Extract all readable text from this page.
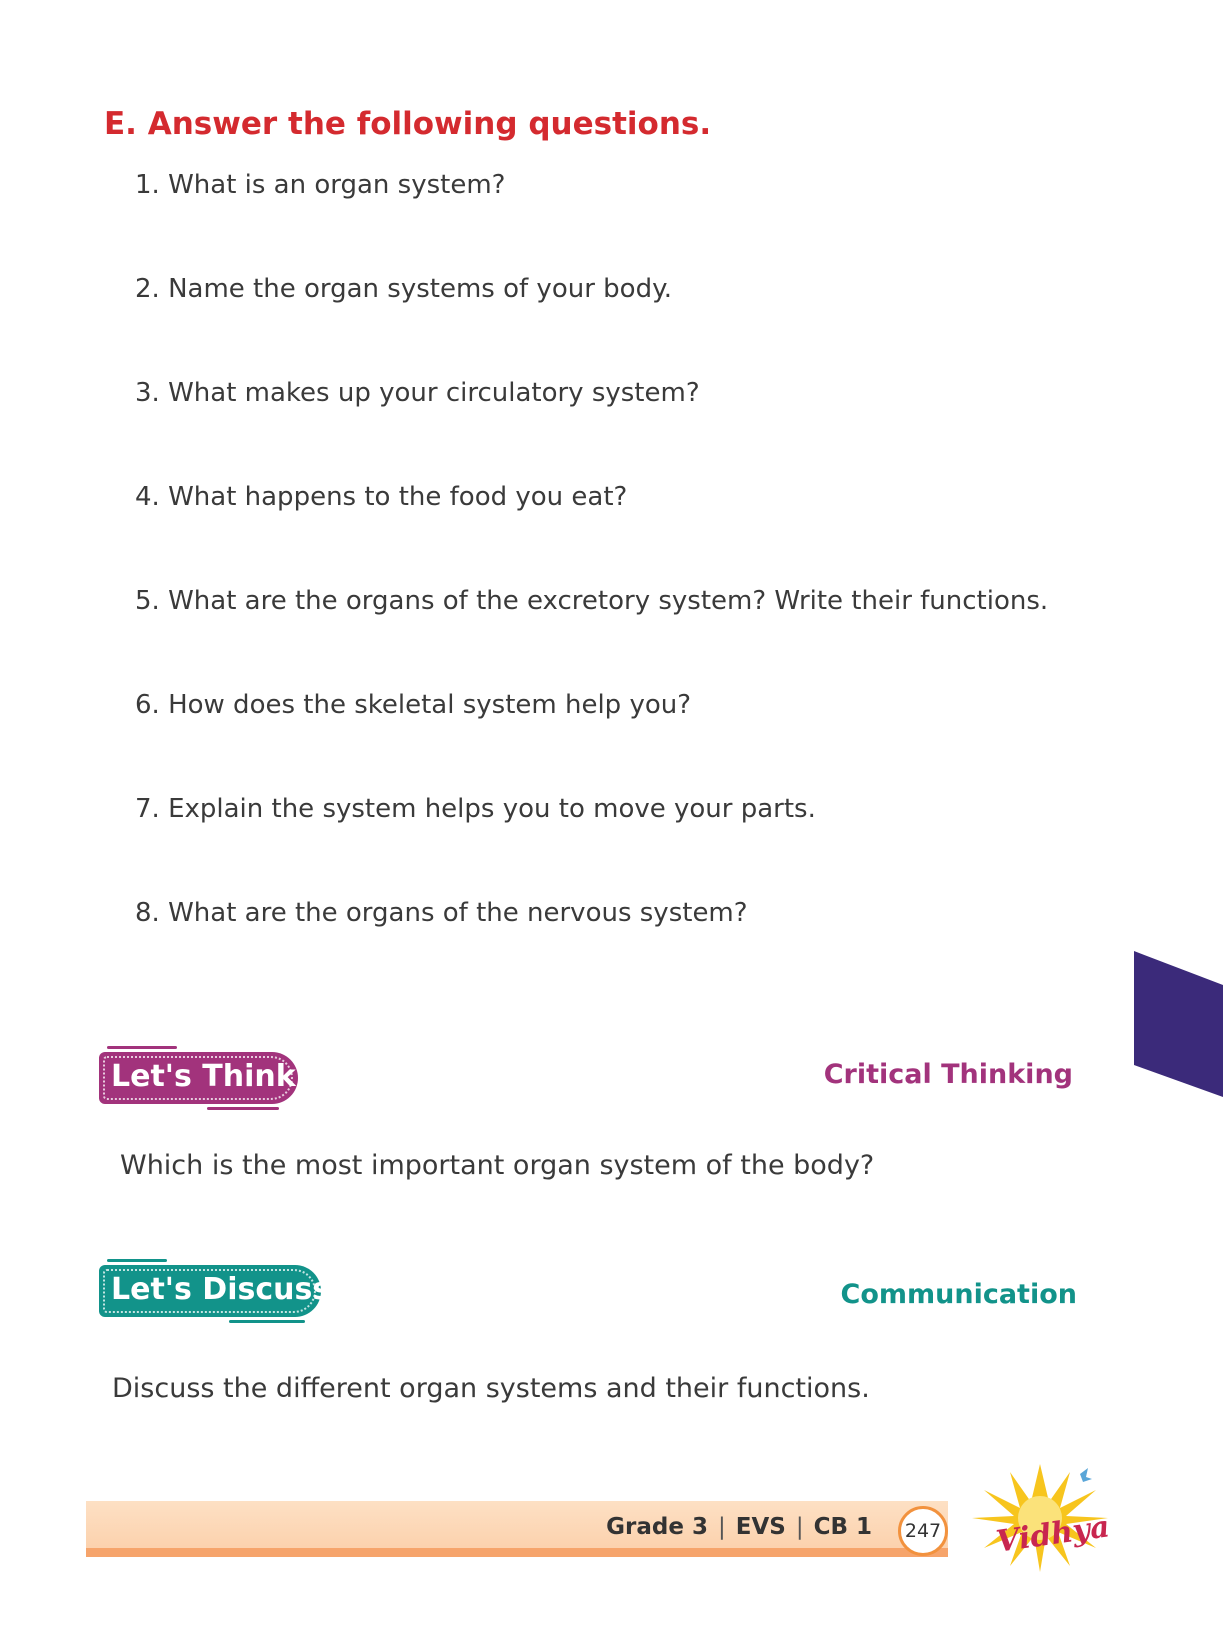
E. Answer the following questions.
1. What is an organ system?
2. Name the organ systems of your body.
3. What makes up your circulatory system?
4. What happens to the food you eat?
5. What are the organs of the excretory system? Write their functions.
6. How does the skeletal system help you?
7. Explain the system helps you to move your parts.
8. What are the organs of the nervous system?
Let's Think	Critical Thinking
Which is the most important organ system of the body?
Let's Discuss	Communication
Discuss the different organ systems and their functions.
Grade 3 | EVS | CB 1	247 Vidhya
